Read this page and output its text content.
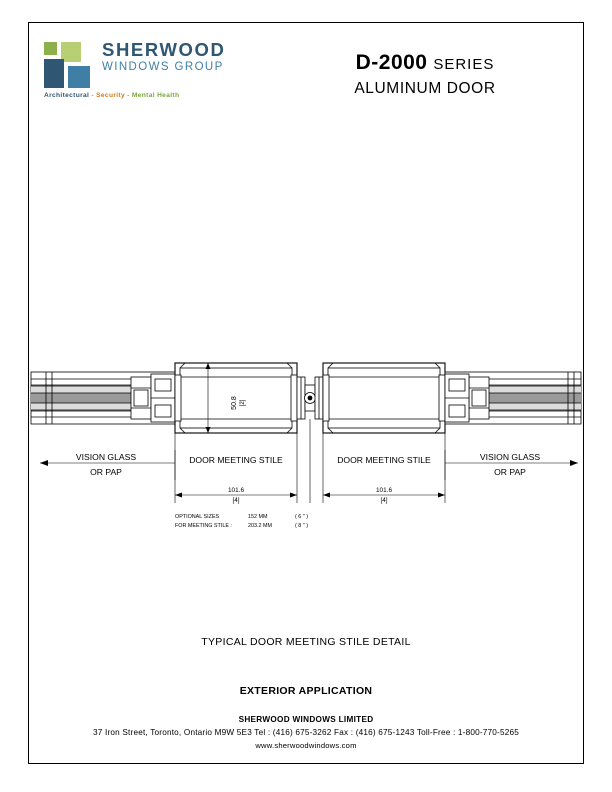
SHERWOOD
WINDOWS GROUP
Architectural - Security - Mental Health
D-2000 SERIES
ALUMINUM DOOR
50.8 [2]
VISION GLASS
OR PAP
VISION GLASS
OR PAP
DOOR MEETING STILE	DOOR MEETING STILE
101.6
[4]
101.6
[4]
OPTIONAL SIZES	152 MM	( 6 " )
FOR MEETING STILE :	203.2 MM	( 8 " )
TYPICAL DOOR MEETING STILE DETAIL
EXTERIOR APPLICATION
SHERWOOD WINDOWS LIMITED
37 Iron Street, Toronto, Ontario M9W 5E3 Tel : (416) 675-3262 Fax : (416) 675-1243 Toll-Free : 1-800-770-5265
www.sherwoodwindows.com
